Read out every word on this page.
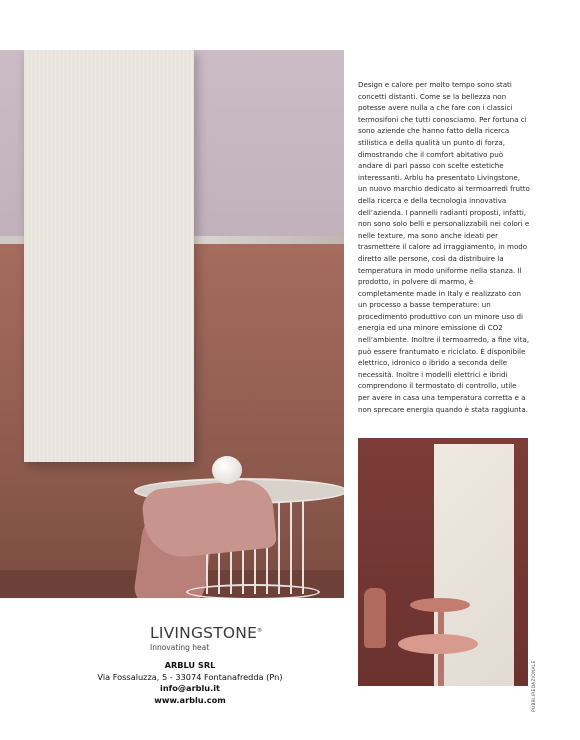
Design e calore per molto tempo sono stati concetti distanti. Come se la bellezza non potesse avere nulla a che fare con i classici termosifoni che tutti conosciamo. Per fortuna ci sono aziende che hanno fatto della ricerca stilistica e della qualità un punto di forza, dimostrando che il comfort abitativo può andare di pari passo con scelte estetiche interessanti. Arblu ha presentato Livingstone, un nuovo marchio dedicato ai termoarredi frutto della ricerca e della tecnologia innovativa dell’azienda. I pannelli radianti proposti, infatti, non sono solo belli e personalizzabili nei colori e nelle texture, ma sono anche ideati per trasmettere il calore ad irraggiamento, in modo diretto alle persone, così da distribuire la temperatura in modo uniforme nella stanza. Il prodotto, in polvere di marmo, è completamente made in Italy e realizzato con un processo a basse temperature: un procedimento produttivo con un minore uso di energia ed una minore emissione di CO2 nell’ambiente. Inoltre il termoarredo, a fine vita, può essere frantumato e riciclato. È disponibile elettrico, idronico o ibrido a seconda delle necessità. Inoltre i modelli elettrici e ibridi comprendono il termostato di controllo, utile per avere in casa una temperatura corretta e a non sprecare energia quando è stata raggiunta.

LIVINGSTONE®
Innovating heat
ARBLU SRL
Via Fossaluzza, 5 - 33074 Fontanafredda (Pn)
info@arblu.it
www.arblu.com	PUBBLIREDAZIONALE
